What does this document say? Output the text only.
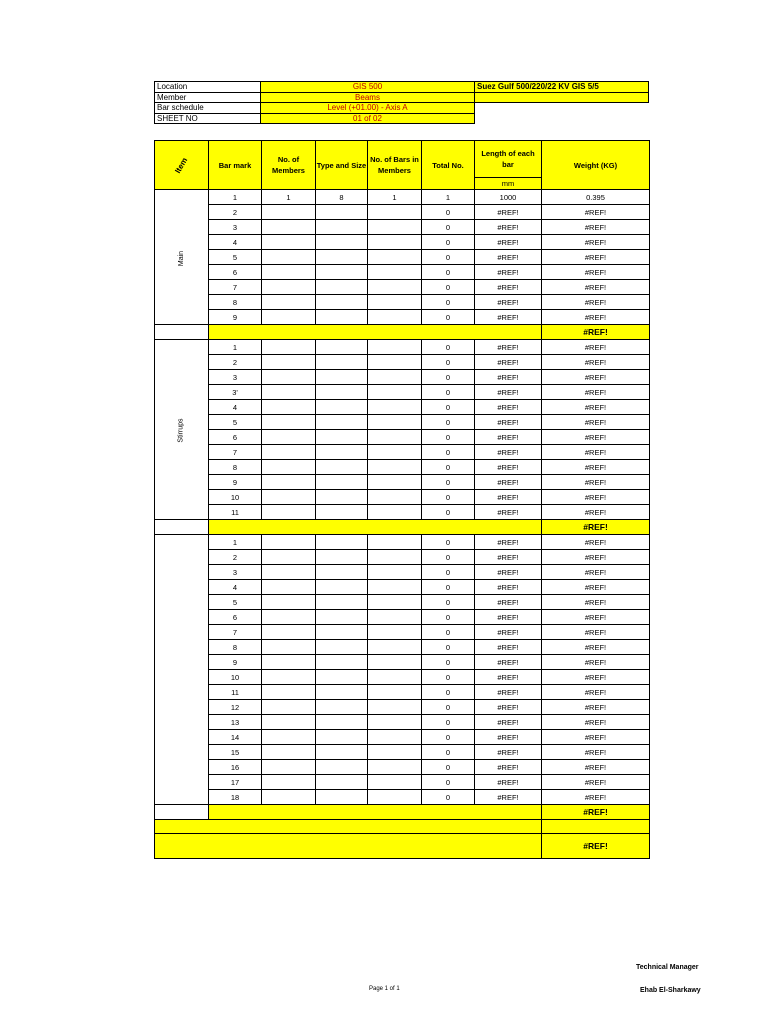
Location	GIS 500	Suez Gulf 500/220/22 KV GIS 5/5
Member	Beams	
Bar schedule	Level (+01.00) - Axis A	
SHEET NO	01 of 02	
Item	Bar mark	No. of Members	Type and Size	No. of Bars in Members	Total No.	Length of each bar	Weight (KG)
						mm	
Main	1	1	8	1	1	1000	0.395
	2				0	#REF!	#REF!
	3				0	#REF!	#REF!
	4				0	#REF!	#REF!
	5				0	#REF!	#REF!
	6				0	#REF!	#REF!
	7				0	#REF!	#REF!
	8				0	#REF!	#REF!
	9				0	#REF!	#REF!
							#REF!
Stirrups	1				0	#REF!	#REF!
	2				0	#REF!	#REF!
	3				0	#REF!	#REF!
	3'				0	#REF!	#REF!
	4				0	#REF!	#REF!
	5				0	#REF!	#REF!
	6				0	#REF!	#REF!
	7				0	#REF!	#REF!
	8				0	#REF!	#REF!
	9				0	#REF!	#REF!
	10				0	#REF!	#REF!
	11				0	#REF!	#REF!
							#REF!
	1				0	#REF!	#REF!
	2				0	#REF!	#REF!
	3				0	#REF!	#REF!
	4				0	#REF!	#REF!
	5				0	#REF!	#REF!
	6				0	#REF!	#REF!
	7				0	#REF!	#REF!
	8				0	#REF!	#REF!
	9				0	#REF!	#REF!
	10				0	#REF!	#REF!
	11				0	#REF!	#REF!
	12				0	#REF!	#REF!
	13				0	#REF!	#REF!
	14				0	#REF!	#REF!
	15				0	#REF!	#REF!
	16				0	#REF!	#REF!
	17				0	#REF!	#REF!
	18				0	#REF!	#REF!
							#REF!

							#REF!
Page 1 of 1
Technical Manager
Ehab El-Sharkawy
